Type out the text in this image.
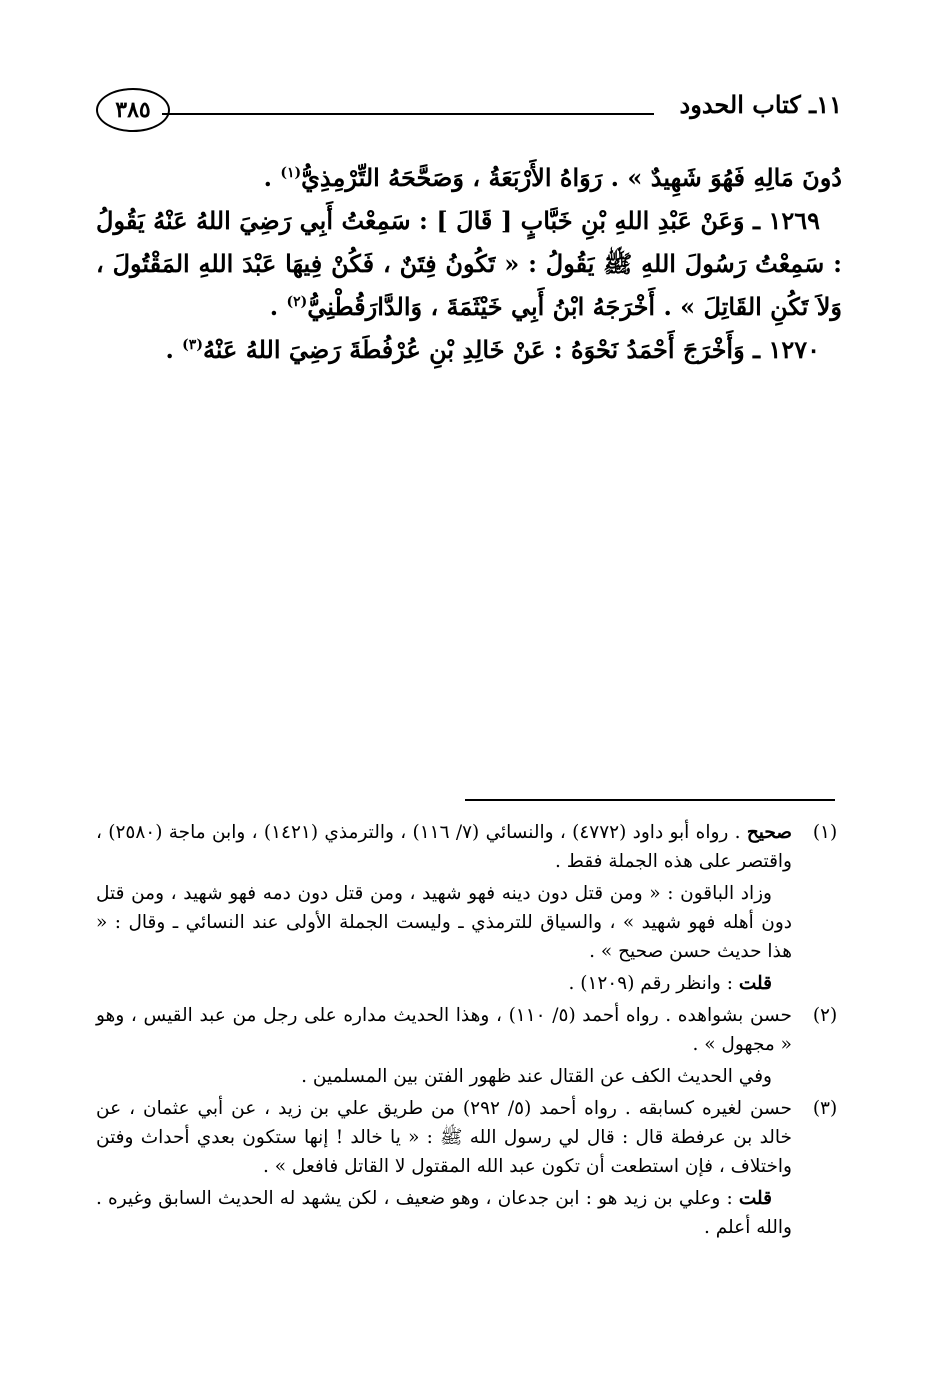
١١ـ كتاب الحدود
٣٨٥

دُونَ مَالِهِ فَهُوَ شَهِيدٌ » . رَوَاهُ الأَرْبَعَةُ ، وَصَحَّحَهُ التِّرْمِذِيُّ$^{(١)}$ .

١٢٦٩ ـ وَعَنْ عَبْدِ اللهِ بْنِ خَبَّابٍ [ قَالَ ] : سَمِعْتُ أَبِي رَضِيَ اللهُ عَنْهُ يَقُولُ : سَمِعْتُ رَسُولَ اللهِ ﷺ يَقُولُ : « تَكُونُ فِتَنٌ ، فَكُنْ فِيهَا عَبْدَ اللهِ المَقْتُولَ ، وَلاَ تَكُنِ القَاتِلَ » . أَخْرَجَهُ ابْنُ أَبِي خَيْثَمَةَ ، وَالدَّارَقُطْنِيُّ$^{(٢)}$ .

١٢٧٠ ـ وَأَخْرَجَ أَحْمَدُ نَحْوَهُ : عَنْ خَالِدِ بْنِ عُرْفُطَةَ رَضِيَ اللهُ عَنْهُ$^{(٣)}$ .

(١)

صحيح . رواه أبو داود (٤٧٧٢) ، والنسائي (٧/ ١١٦) ، والترمذي (١٤٢١) ، وابن ماجة (٢٥٨٠) ، واقتصر على هذه الجملة فقط .

وزاد الباقون : « ومن قتل دون دينه فهو شهيد ، ومن قتل دون دمه فهو شهيد ، ومن قتل دون أهله فهو شهيد » ، والسياق للترمذي ـ وليست الجملة الأولى عند النسائي ـ وقال : « هذا حديث حسن صحيح » .

قلت : وانظر رقم (١٢٠٩) .

(٢)

حسن بشواهده . رواه أحمد (٥/ ١١٠) ، وهذا الحديث مداره على رجل من عبد القيس ، وهو « مجهول » .

وفي الحديث الكف عن القتال عند ظهور الفتن بين المسلمين .

(٣)

حسن لغيره كسابقه . رواه أحمد (٥/ ٢٩٢) من طريق علي بن زيد ، عن أبي عثمان ، عن خالد بن عرفطة قال : قال لي رسول الله ﷺ : « يا خالد ! إنها ستكون بعدي أحداث وفتن واختلاف ، فإن استطعت أن تكون عبد الله المقتول لا القاتل فافعل » .

قلت : وعلي بن زيد هو : ابن جدعان ، وهو ضعيف ، لكن يشهد له الحديث السابق وغيره . والله أعلم .
